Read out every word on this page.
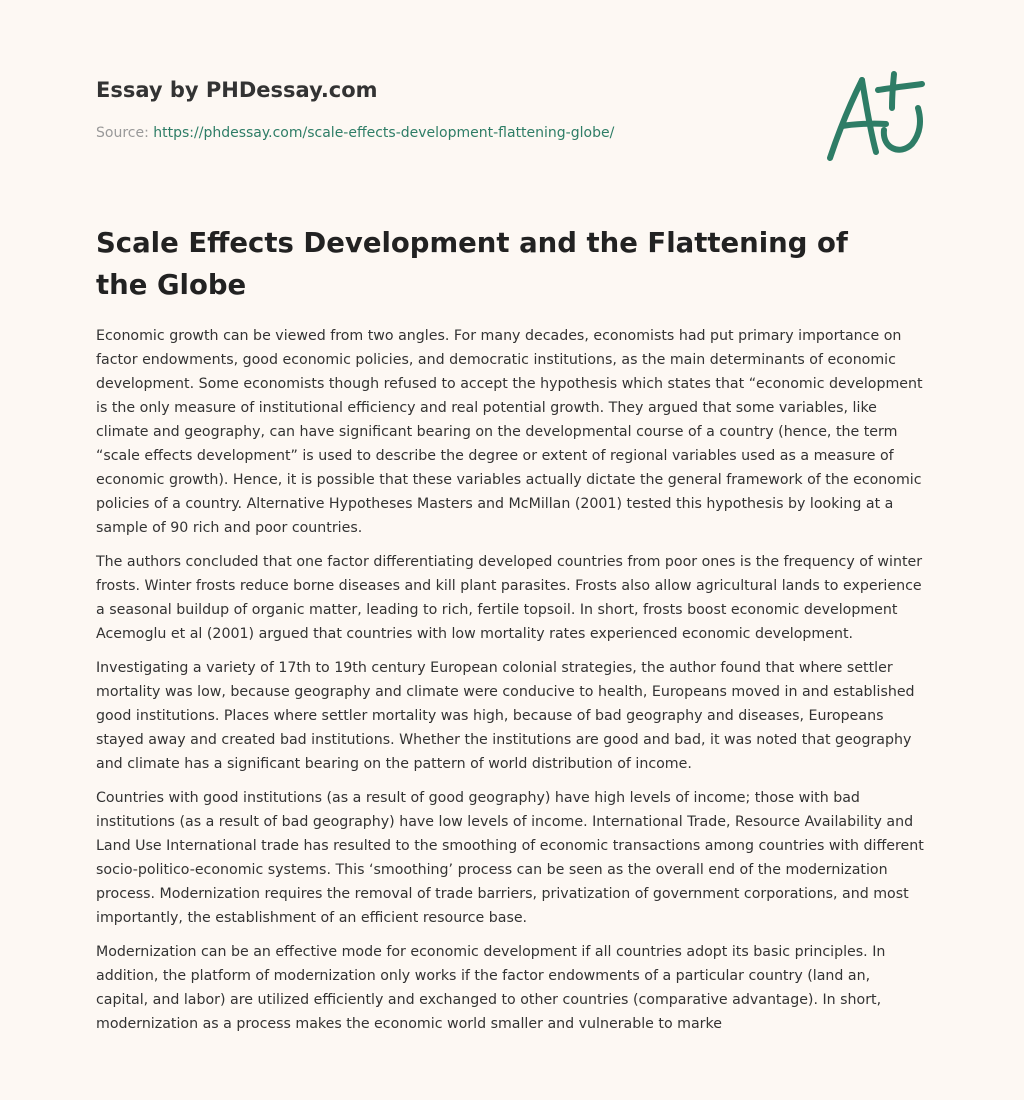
Essay by PHDessay.com
Source: https://phdessay.com/scale-effects-development-flattening-globe/
Scale Effects Development and the Flattening of the Globe

Economic growth can be viewed from two angles. For many decades, economists had put primary importance on factor endowments, good economic policies, and democratic institutions, as the main determinants of economic development. Some economists though refused to accept the hypothesis which states that “economic development is the only measure of institutional efficiency and real potential growth. They argued that some variables, like climate and geography, can have significant bearing on the developmental course of a country (hence, the term “scale effects development” is used to describe the degree or extent of regional variables used as a measure of economic growth). Hence, it is possible that these variables actually dictate the general framework of the economic policies of a country. Alternative Hypotheses Masters and McMillan (2001) tested this hypothesis by looking at a sample of 90 rich and poor countries.

The authors concluded that one factor differentiating developed countries from poor ones is the frequency of winter frosts. Winter frosts reduce borne diseases and kill plant parasites. Frosts also allow agricultural lands to experience a seasonal buildup of organic matter, leading to rich, fertile topsoil. In short, frosts boost economic development Acemoglu et al (2001) argued that countries with low mortality rates experienced economic development.

Investigating a variety of 17th to 19th century European colonial strategies, the author found that where settler mortality was low, because geography and climate were conducive to health, Europeans moved in and established good institutions. Places where settler mortality was high, because of bad geography and diseases, Europeans stayed away and created bad institutions. Whether the institutions are good and bad, it was noted that geography and climate has a significant bearing on the pattern of world distribution of income.

Countries with good institutions (as a result of good geography) have high levels of income; those with bad institutions (as a result of bad geography) have low levels of income. International Trade, Resource Availability and Land Use International trade has resulted to the smoothing of economic transactions among countries with different socio-politico-economic systems. This ‘smoothing’ process can be seen as the overall end of the modernization process. Modernization requires the removal of trade barriers, privatization of government corporations, and most importantly, the establishment of an efficient resource base.

Modernization can be an effective mode for economic development if all countries adopt its basic principles. In addition, the platform of modernization only works if the factor endowments of a particular country (land an, capital, and labor) are utilized efficiently and exchanged to other countries (comparative advantage). In short, modernization as a process makes the economic world smaller and vulnerable to marke
